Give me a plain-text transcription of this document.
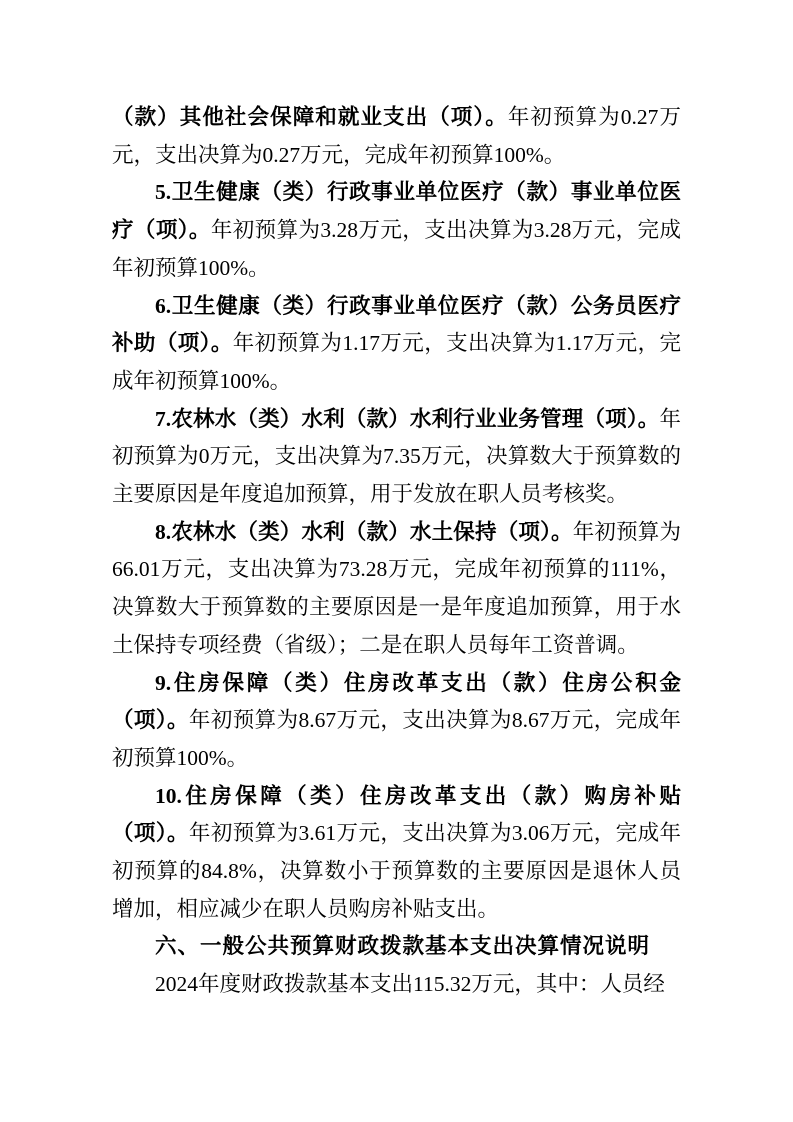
（款）其他社会保障和就业支出（项）。年初预算为0.27万元，支出决算为0.27万元，完成年初预算100%。

5.卫生健康（类）行政事业单位医疗（款）事业单位医疗（项）。年初预算为3.28万元，支出决算为3.28万元，完成年初预算100%。

6.卫生健康（类）行政事业单位医疗（款）公务员医疗补助（项）。年初预算为1.17万元，支出决算为1.17万元，完成年初预算100%。

7.农林水（类）水利（款）水利行业业务管理（项）。年初预算为0万元，支出决算为7.35万元，决算数大于预算数的主要原因是年度追加预算，用于发放在职人员考核奖。

8.农林水（类）水利（款）水土保持（项）。年初预算为66.01万元，支出决算为73.28万元，完成年初预算的111%，决算数大于预算数的主要原因是一是年度追加预算，用于水土保持专项经费（省级）；二是在职人员每年工资普调。

9.住房保障（类）住房改革支出（款）住房公积金（项）。年初预算为8.67万元，支出决算为8.67万元，完成年初预算100%。

10.住房保障（类）住房改革支出（款）购房补贴（项）。年初预算为3.61万元，支出决算为3.06万元，完成年初预算的84.8%，决算数小于预算数的主要原因是退休人员增加，相应减少在职人员购房补贴支出。

六、一般公共预算财政拨款基本支出决算情况说明

2024年度财政拨款基本支出115.32万元，其中：人员经
